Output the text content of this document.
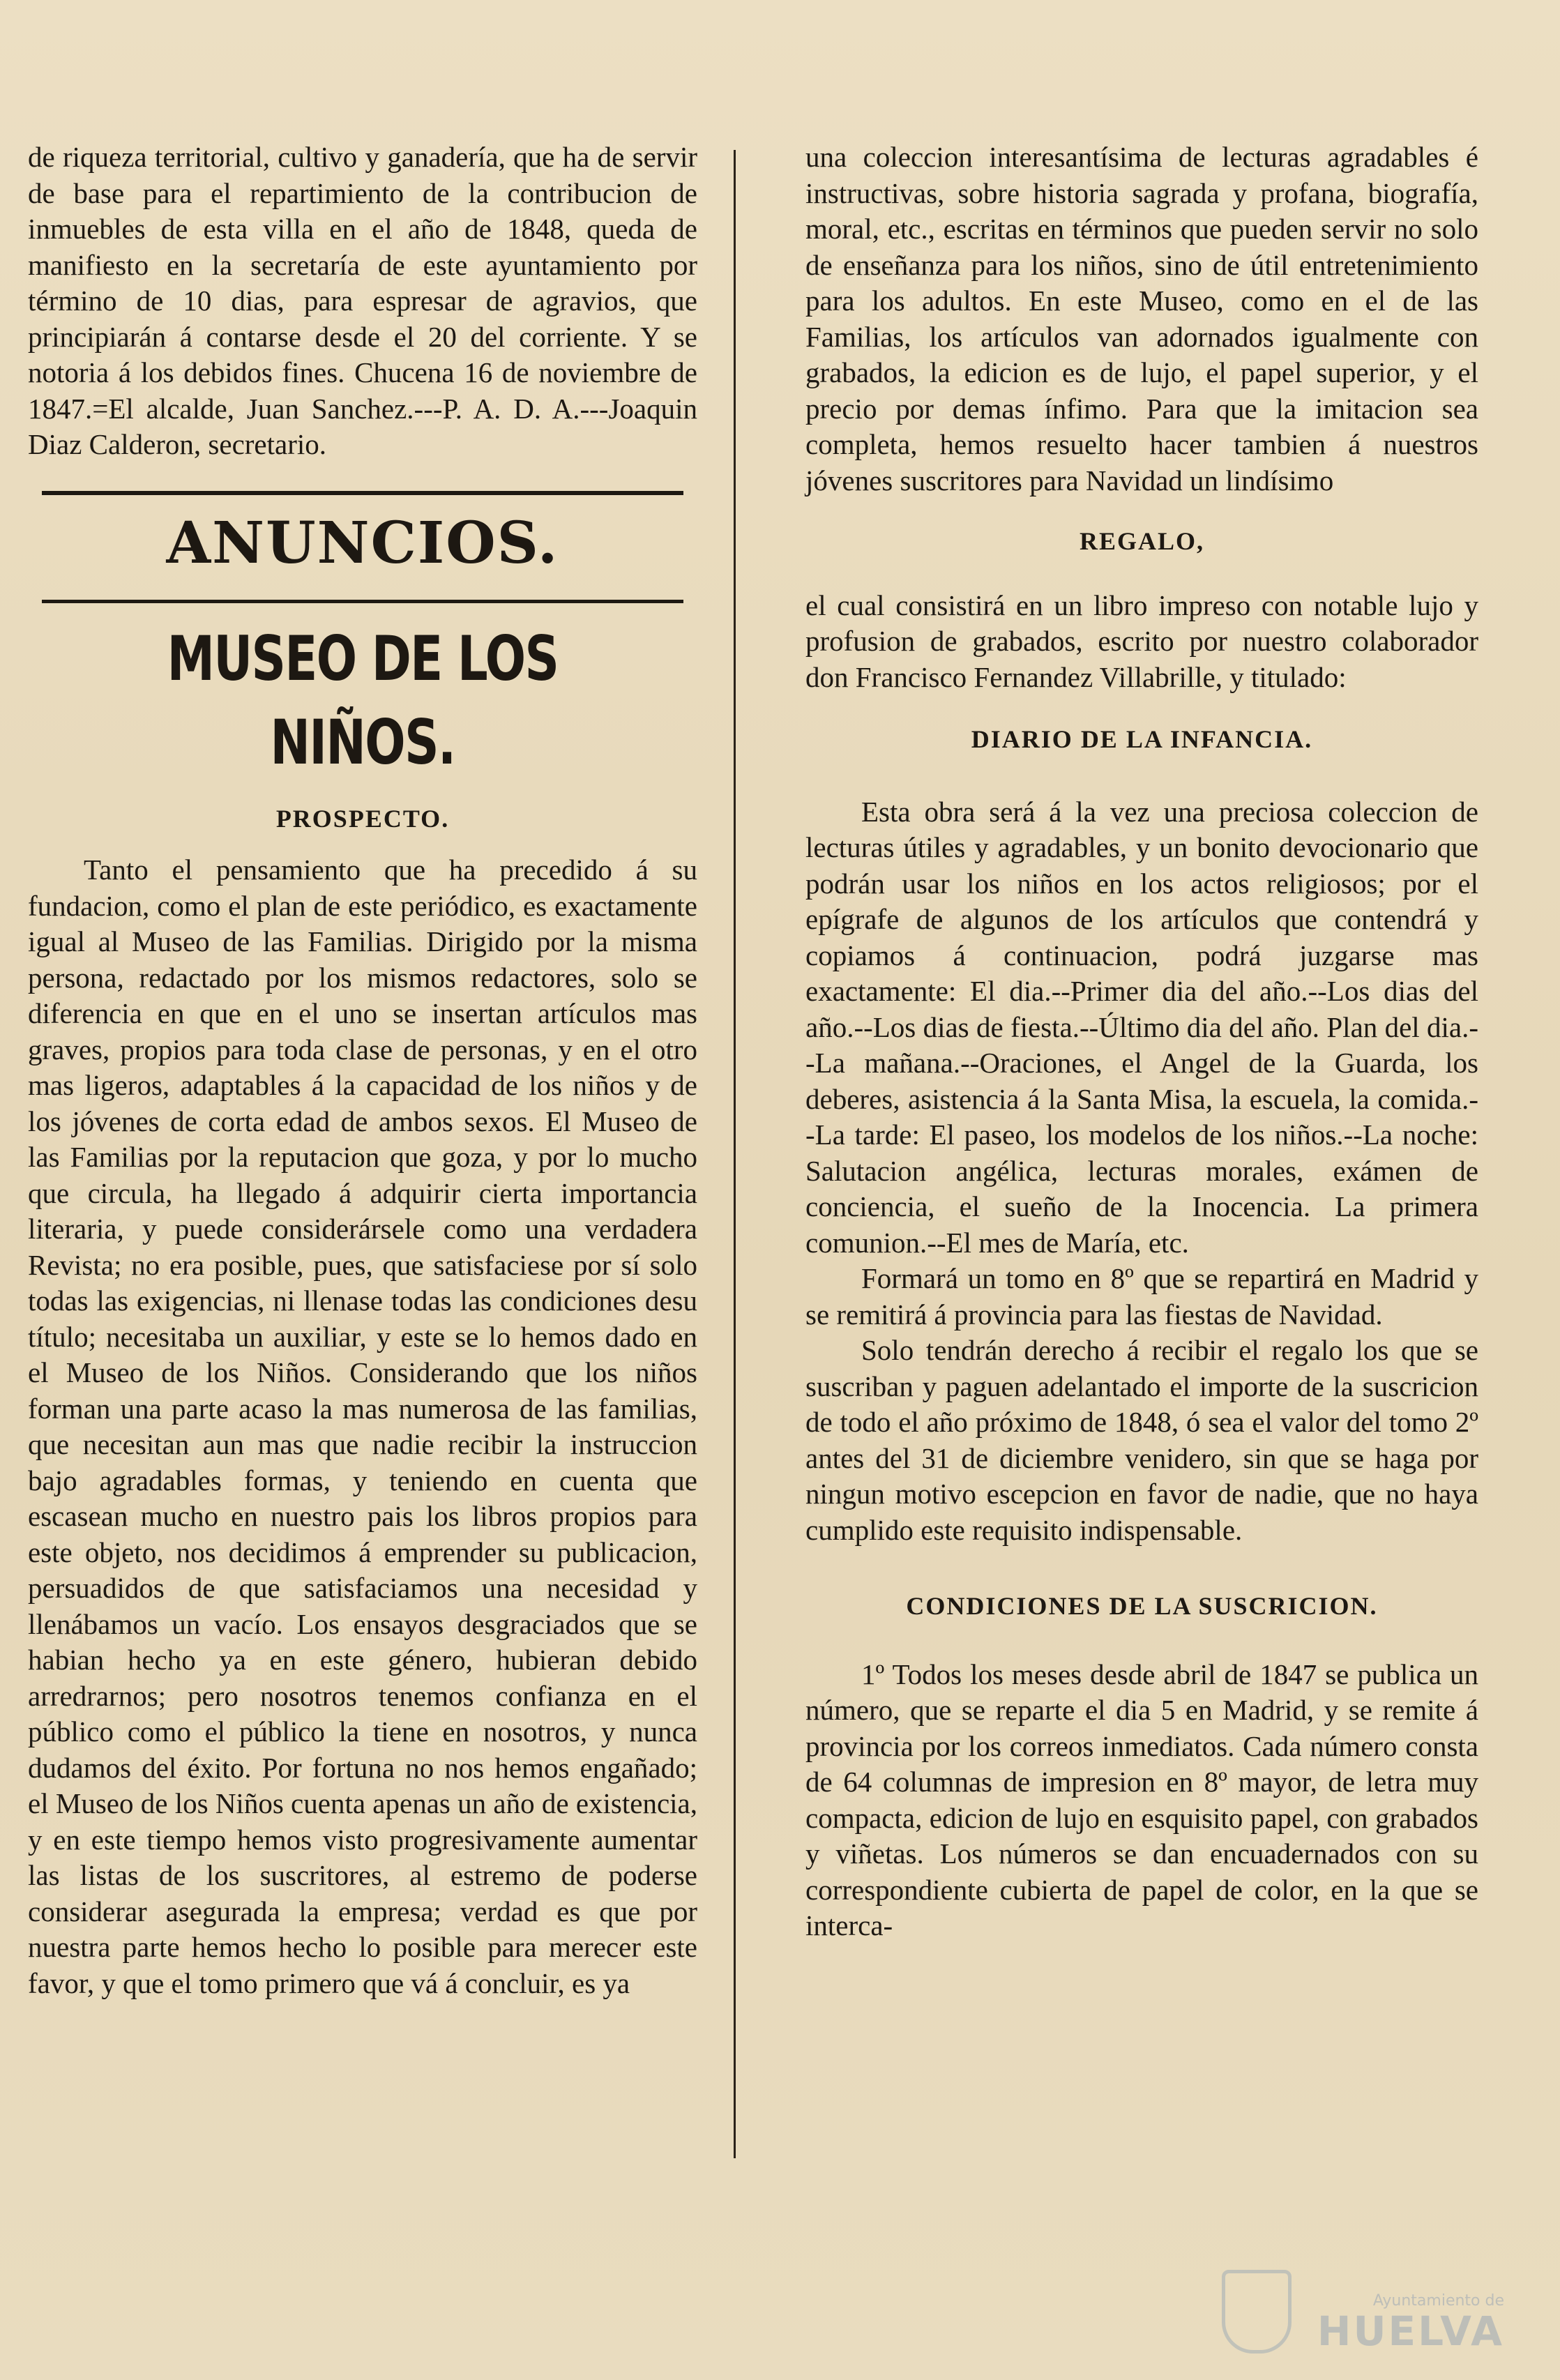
de riqueza territorial, cultivo y ganadería, que ha de servir de base para el repartimiento de la contribucion de inmuebles de esta villa en el año de 1848, queda de manifiesto en la secretaría de este ayuntamiento por término de 10 dias, para espresar de agravios, que principiarán á contarse desde el 20 del corriente. Y se notoria á los debidos fines. Chucena 16 de noviembre de 1847.=El alcalde, Juan Sanchez.---P. A. D. A.---Joaquin Diaz Calderon, secretario.

ANUNCIOS.
MUSEO DE LOS NIÑOS.
PROSPECTO.

Tanto el pensamiento que ha precedido á su fundacion, como el plan de este periódico, es exactamente igual al Museo de las Familias. Dirigido por la misma persona, redactado por los mismos redactores, solo se diferencia en que en el uno se insertan artículos mas graves, propios para toda clase de personas, y en el otro mas ligeros, adaptables á la capacidad de los niños y de los jóvenes de corta edad de ambos sexos. El Museo de las Familias por la reputacion que goza, y por lo mucho que circula, ha llegado á adquirir cierta importancia literaria, y puede considerársele como una verdadera Revista; no era posible, pues, que satisfaciese por sí solo todas las exigencias, ni llenase todas las condiciones desu título; necesitaba un auxiliar, y este se lo hemos dado en el Museo de los Niños. Considerando que los niños forman una parte acaso la mas numerosa de las familias, que necesitan aun mas que nadie recibir la instruccion bajo agradables formas, y teniendo en cuenta que escasean mucho en nuestro pais los libros propios para este objeto, nos decidimos á emprender su publicacion, persuadidos de que satisfaciamos una necesidad y llenábamos un vacío. Los ensayos desgraciados que se habian hecho ya en este género, hubieran debido arredrarnos; pero nosotros tenemos confianza en el público como el público la tiene en nosotros, y nunca dudamos del éxito. Por fortuna no nos hemos engañado; el Museo de los Niños cuenta apenas un año de existencia, y en este tiempo hemos visto progresivamente aumentar las listas de los suscritores, al estremo de poderse considerar asegurada la empresa; verdad es que por nuestra parte hemos hecho lo posible para merecer este favor, y que el tomo primero que vá á concluir, es ya

una coleccion interesantísima de lecturas agradables é instructivas, sobre historia sagrada y profana, biografía, moral, etc., escritas en términos que pueden servir no solo de enseñanza para los niños, sino de útil entretenimiento para los adultos. En este Museo, como en el de las Familias, los artículos van adornados igualmente con grabados, la edicion es de lujo, el papel superior, y el precio por demas ínfimo. Para que la imitacion sea completa, hemos resuelto hacer tambien á nuestros jóvenes suscritores para Navidad un lindísimo

REGALO,

el cual consistirá en un libro impreso con notable lujo y profusion de grabados, escrito por nuestro colaborador don Francisco Fernandez Villabrille, y titulado:

DIARIO DE LA INFANCIA.

Esta obra será á la vez una preciosa coleccion de lecturas útiles y agradables, y un bonito devocionario que podrán usar los niños en los actos religiosos; por el epígrafe de algunos de los artículos que contendrá y copiamos á continuacion, podrá juzgarse mas exactamente: El dia.--Primer dia del año.--Los dias del año.--Los dias de fiesta.--Último dia del año. Plan del dia.--La mañana.--Oraciones, el Angel de la Guarda, los deberes, asistencia á la Santa Misa, la escuela, la comida.--La tarde: El paseo, los modelos de los niños.--La noche: Salutacion angélica, lecturas morales, exámen de conciencia, el sueño de la Inocencia. La primera comunion.--El mes de María, etc.

Formará un tomo en 8º que se repartirá en Madrid y se remitirá á provincia para las fiestas de Navidad.

Solo tendrán derecho á recibir el regalo los que se suscriban y paguen adelantado el importe de la suscricion de todo el año próximo de 1848, ó sea el valor del tomo 2º antes del 31 de diciembre venidero, sin que se haga por ningun motivo escepcion en favor de nadie, que no haya cumplido este requisito indispensable.

CONDICIONES DE LA SUSCRICION.

1º Todos los meses desde abril de 1847 se publica un número, que se reparte el dia 5 en Madrid, y se remite á provincia por los correos inmediatos. Cada número consta de 64 columnas de impresion en 8º mayor, de letra muy compacta, edicion de lujo en esquisito papel, con grabados y viñetas. Los números se dan encuadernados con su correspondiente cubierta de papel de color, en la que se interca-

Ayuntamiento de
HUELVA
